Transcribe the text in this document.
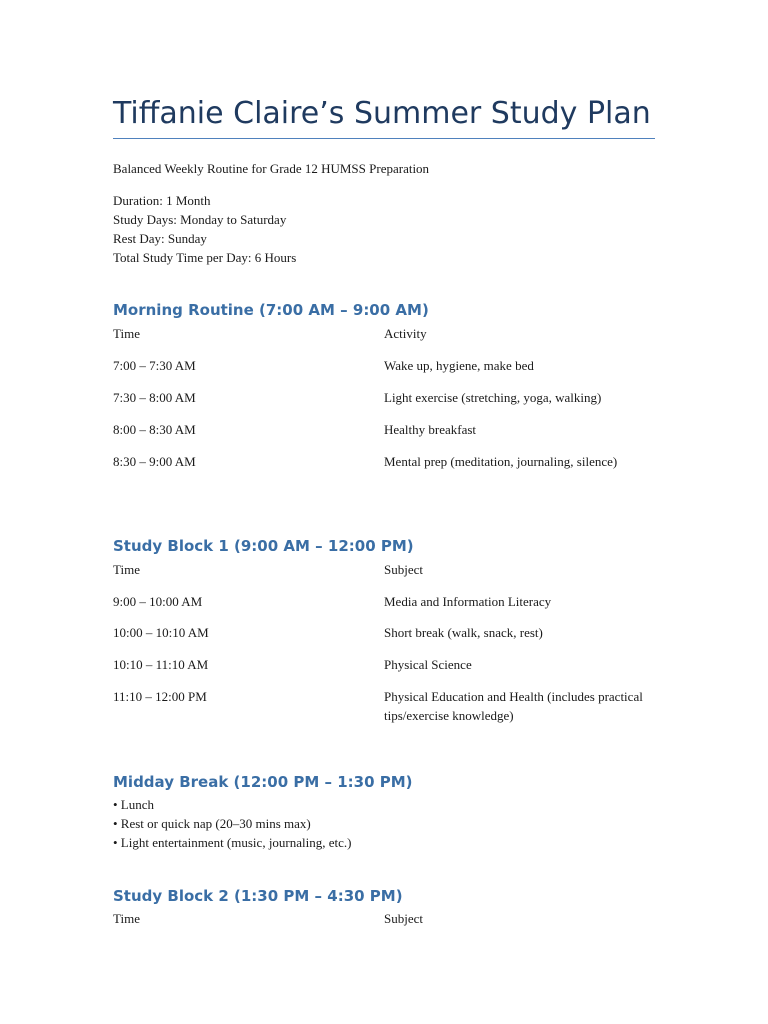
Tiffanie Claire’s Summer Study Plan
Balanced Weekly Routine for Grade 12 HUMSS Preparation
Duration: 1 Month
Study Days: Monday to Saturday
Rest Day: Sunday
Total Study Time per Day: 6 Hours
Morning Routine (7:00 AM – 9:00 AM)
Time	Activity
7:00 – 7:30 AM	Wake up, hygiene, make bed
7:30 – 8:00 AM	Light exercise (stretching, yoga, walking)
8:00 – 8:30 AM	Healthy breakfast
8:30 – 9:00 AM	Mental prep (meditation, journaling, silence)
Study Block 1 (9:00 AM – 12:00 PM)
Time	Subject
9:00 – 10:00 AM	Media and Information Literacy
10:00 – 10:10 AM	Short break (walk, snack, rest)
10:10 – 11:10 AM	Physical Science
11:10 – 12:00 PM	Physical Education and Health (includes practical tips/exercise knowledge)
Midday Break (12:00 PM – 1:30 PM)
• Lunch
• Rest or quick nap (20–30 mins max)
• Light entertainment (music, journaling, etc.)
Study Block 2 (1:30 PM – 4:30 PM)
Time	Subject
